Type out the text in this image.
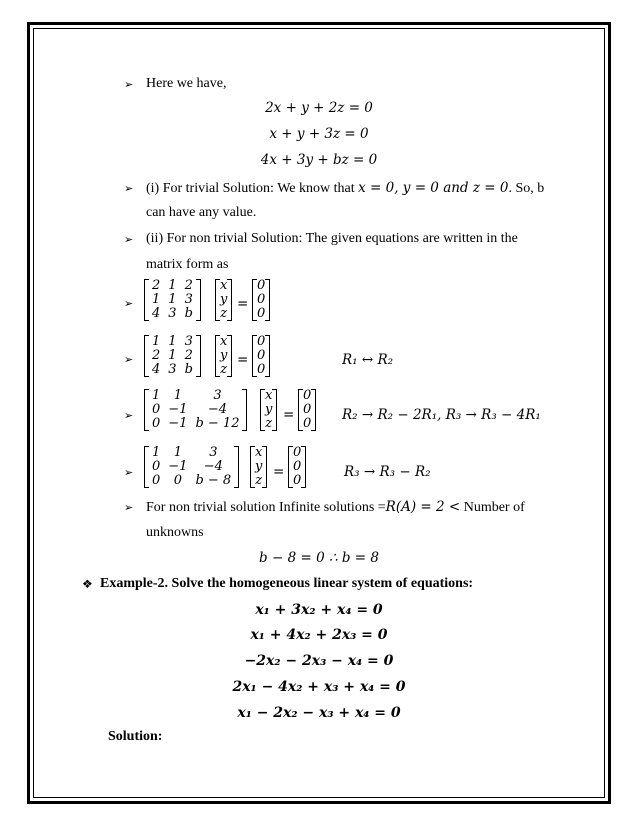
➢ Here we have,
2x + y + 2z = 0
x + y + 3z = 0
4x + 3y + bz = 0
➢ (i) For trivial Solution: We know that x = 0, y = 0 and z = 0. So, b
can have any value.
➢ (ii) For non trivial Solution: The given equations are written in the
matrix form as
➢
2	1	2
1	1	3
4	3	b
x
y
z
=
0
0
0
➢
1	1	3
2	1	2
4	3	b
x
y
z
=
0
0
0
R₁ ↔ R₂
➢
1	1	3
0	−1	−4
0	−1	b − 12
x
y
z
=
0
0
0
R₂ → R₂ − 2R₁, R₃ → R₃ − 4R₁
➢
1	1	3
0	−1	−4
0	0	b − 8
x
y
z
=
0
0
0
R₃ → R₃ − R₂
➢ For non trivial solution Infinite solutions =R(A) = 2 < Number of
unknowns
b − 8 = 0 ∴ b = 8
❖ Example-2. Solve the homogeneous linear system of equations:
x₁ + 3x₂ + x₄ = 0
x₁ + 4x₂ + 2x₃ = 0
−2x₂ − 2x₃ − x₄ = 0
2x₁ − 4x₂ + x₃ + x₄ = 0
x₁ − 2x₂ − x₃ + x₄ = 0
Solution:
